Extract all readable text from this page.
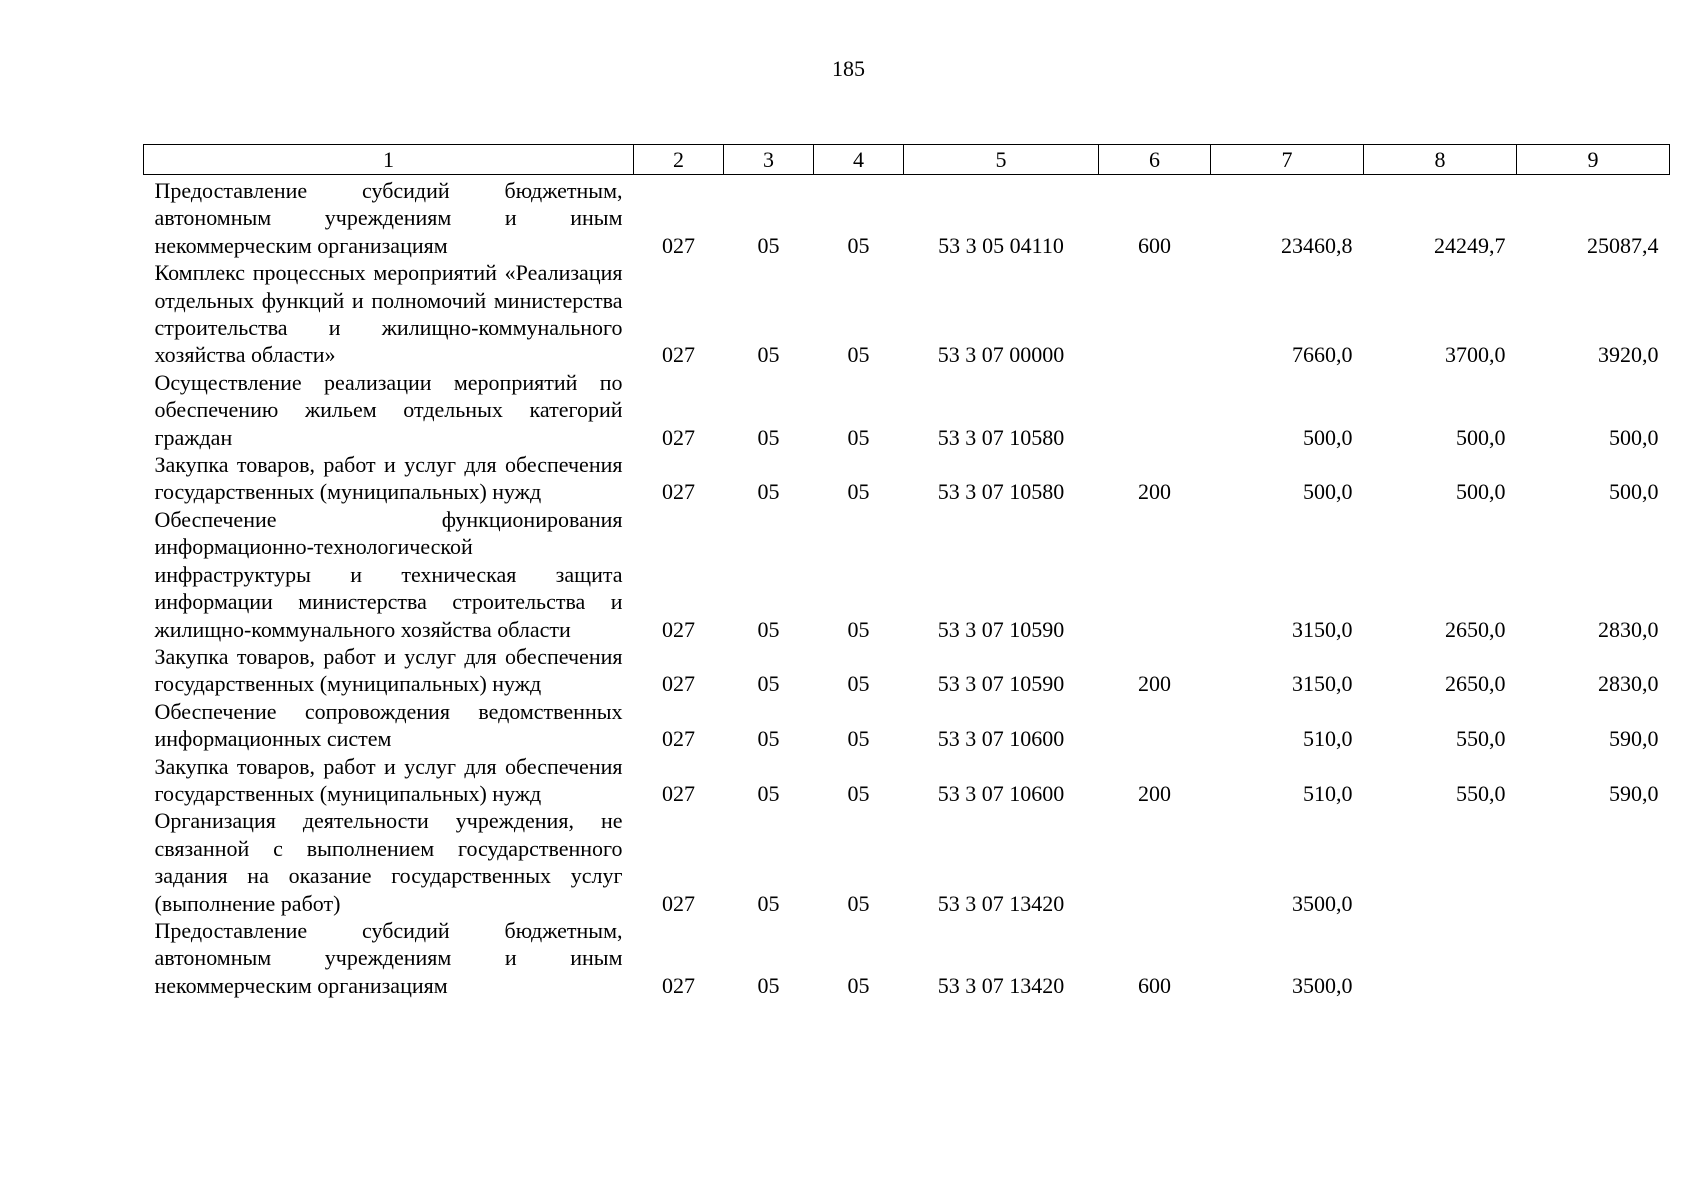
185
1	2	3	4	5	6	7	8	9
Предоставление субсидий бюджетным, автономным учреждениям и иным некоммерческим организациям	027	05	05	53 3 05 04110	600	23460,8	24249,7	25087,4
Комплекс процессных мероприятий «Реализация отдельных функций и полномочий министерства строительства и жилищно-коммунального хозяйства области»	027	05	05	53 3 07 00000		7660,0	3700,0	3920,0
Осуществление реализации мероприятий по обеспечению жильем отдельных категорий граждан	027	05	05	53 3 07 10580		500,0	500,0	500,0
Закупка товаров, работ и услуг для обеспечения государственных (муниципальных) нужд	027	05	05	53 3 07 10580	200	500,0	500,0	500,0
Обеспечение функционирования информационно-технологической инфраструктуры и техническая защита информации министерства строительства и жилищно-коммунального хозяйства области	027	05	05	53 3 07 10590		3150,0	2650,0	2830,0
Закупка товаров, работ и услуг для обеспечения государственных (муниципальных) нужд	027	05	05	53 3 07 10590	200	3150,0	2650,0	2830,0
Обеспечение сопровождения ведомственных информационных систем	027	05	05	53 3 07 10600		510,0	550,0	590,0
Закупка товаров, работ и услуг для обеспечения государственных (муниципальных) нужд	027	05	05	53 3 07 10600	200	510,0	550,0	590,0
Организация деятельности учреждения, не связанной с выполнением государственного задания на оказание государственных услуг (выполнение работ)	027	05	05	53 3 07 13420		3500,0		
Предоставление субсидий бюджетным, автономным учреждениям и иным некоммерческим организациям	027	05	05	53 3 07 13420	600	3500,0		
